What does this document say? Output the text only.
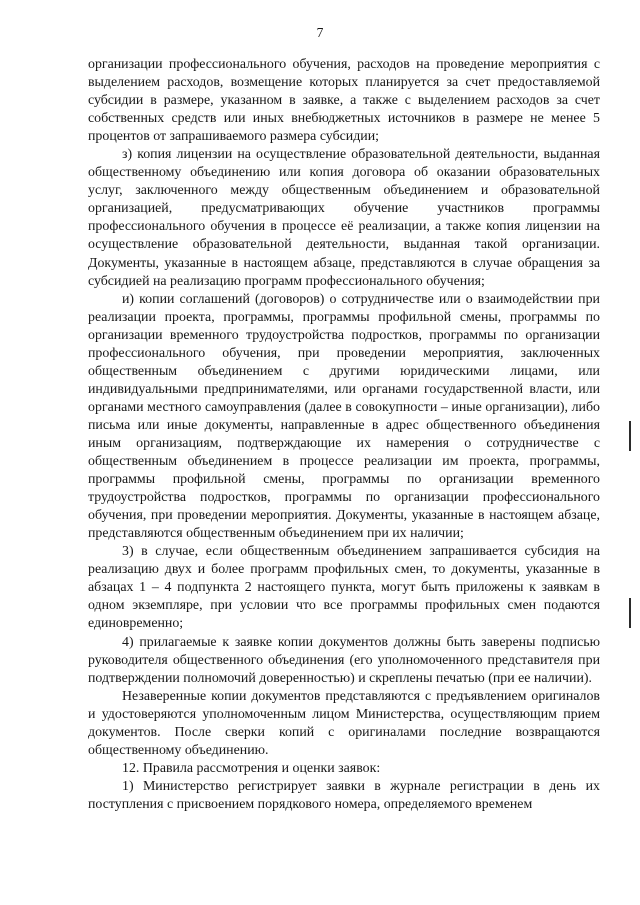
7

организации профессионального обучения, расходов на проведение мероприятия с выделением расходов, возмещение которых планируется за счет предоставляемой субсидии в размере, указанном в заявке, а также с выделением расходов за счет собственных средств или иных внебюджетных источников в размере не менее 5 процентов от запрашиваемого размера субсидии;

з) копия лицензии на осуществление образовательной деятельности, выданная общественному объединению или копия договора об оказании образовательных услуг, заключенного между общественным объединением и образовательной организацией, предусматривающих обучение участников программы профессионального обучения в процессе её реализации, а также копия лицензии на осуществление образовательной деятельности, выданная такой организации. Документы, указанные в настоящем абзаце, представляются в случае обращения за субсидией на реализацию программ профессионального обучения;

и) копии соглашений (договоров) о сотрудничестве или о взаимодействии при реализации проекта, программы, программы профильной смены, программы по организации временного трудоустройства подростков, программы по организации профессионального обучения, при проведении мероприятия, заключенных общественным объединением с другими юридическими лицами, или индивидуальными предпринимателями, или органами государственной власти, или органами местного самоуправления (далее в совокупности – иные организации), либо письма или иные документы, направленные в адрес общественного объединения иным организациям, подтверждающие их намерения о сотрудничестве с общественным объединением в процессе реализации им проекта, программы, программы профильной смены, программы по организации временного трудоустройства подростков, программы по организации профессионального обучения, при проведении мероприятия. Документы, указанные в настоящем абзаце, представляются общественным объединением при их наличии;

3) в случае, если общественным объединением запрашивается субсидия на реализацию двух и более программ профильных смен, то документы, указанные в абзацах 1 – 4 подпункта 2 настоящего пункта, могут быть приложены к заявкам в одном экземпляре, при условии что все программы профильных смен подаются единовременно;

4) прилагаемые к заявке копии документов должны быть заверены подписью руководителя общественного объединения (его уполномоченного представителя при подтверждении полномочий доверенностью) и скреплены печатью (при ее наличии).

Незаверенные копии документов представляются с предъявлением оригиналов и удостоверяются уполномоченным лицом Министерства, осуществляющим прием документов. После сверки копий с оригиналами последние возвращаются общественному объединению.

12. Правила рассмотрения и оценки заявок:

1) Министерство регистрирует заявки в журнале регистрации в день их поступления с присвоением порядкового номера, определяемого временем
